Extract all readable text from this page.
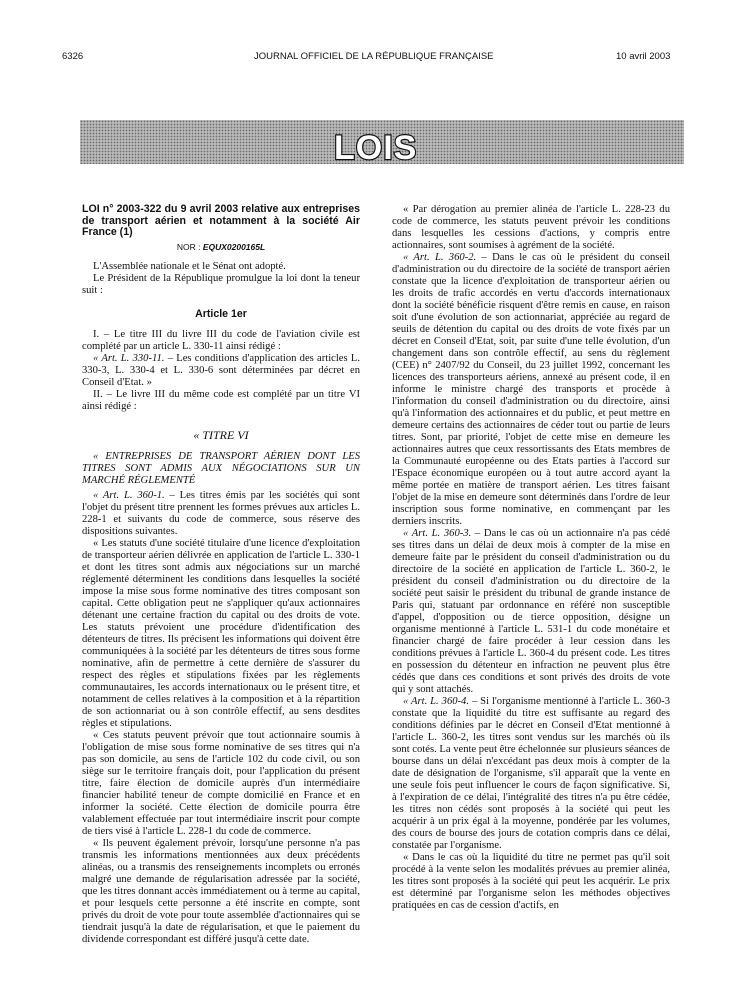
6326	JOURNAL OFFICIEL DE LA RÉPUBLIQUE FRANÇAISE	10 avril 2003
LOIS

LOI n° 2003-322 du 9 avril 2003 relative aux entreprises de transport aérien et notamment à la société Air France (1)

NOR : EQUX0200165L

L'Assemblée nationale et le Sénat ont adopté.

Le Président de la République promulgue la loi dont la teneur suit :

Article 1er

I. – Le titre III du livre III du code de l'aviation civile est complété par un article L. 330-11 ainsi rédigé :

« Art. L. 330-11. – Les conditions d'application des articles L. 330-3, L. 330-4 et L. 330-6 sont déterminées par décret en Conseil d'Etat. »

II. – Le livre III du même code est complété par un titre VI ainsi rédigé :

« TITRE VI

« ENTREPRISES DE TRANSPORT AÉRIEN DONT LES TITRES SONT ADMIS AUX NÉGOCIATIONS SUR UN MARCHÉ RÉGLEMENTÉ

« Art. L. 360-1. – Les titres émis par les sociétés qui sont l'objet du présent titre prennent les formes prévues aux articles L. 228-1 et suivants du code de commerce, sous réserve des dispositions suivantes.

« Les statuts d'une société titulaire d'une licence d'exploitation de transporteur aérien délivrée en application de l'article L. 330-1 et dont les titres sont admis aux négociations sur un marché réglementé déterminent les conditions dans lesquelles la société impose la mise sous forme nominative des titres composant son capital. Cette obligation peut ne s'appliquer qu'aux actionnaires détenant une certaine fraction du capital ou des droits de vote. Les statuts prévoient une procédure d'identification des détenteurs de titres. Ils précisent les informations qui doivent être communiquées à la société par les détenteurs de titres sous forme nominative, afin de permettre à cette dernière de s'assurer du respect des règles et stipulations fixées par les règlements communautaires, les accords internationaux ou le présent titre, et notamment de celles relatives à la composition et à la répartition de son actionnariat ou à son contrôle effectif, au sens desdites règles et stipulations.

« Ces statuts peuvent prévoir que tout actionnaire soumis à l'obligation de mise sous forme nominative de ses titres qui n'a pas son domicile, au sens de l'article 102 du code civil, ou son siège sur le territoire français doit, pour l'application du présent titre, faire élection de domicile auprès d'un intermédiaire financier habilité teneur de compte domicilié en France et en informer la société. Cette élection de domicile pourra être valablement effectuée par tout intermédiaire inscrit pour compte de tiers visé à l'article L. 228-1 du code de commerce.

« Ils peuvent également prévoir, lorsqu'une personne n'a pas transmis les informations mentionnées aux deux précédents alinéas, ou a transmis des renseignements incomplets ou erronés malgré une demande de régularisation adressée par la société, que les titres donnant accès immédiatement ou à terme au capital, et pour lesquels cette personne a été inscrite en compte, sont privés du droit de vote pour toute assemblée d'actionnaires qui se tiendrait jusqu'à la date de régularisation, et que le paiement du dividende correspondant est différé jusqu'à cette date.

« Par dérogation au premier alinéa de l'article L. 228-23 du code de commerce, les statuts peuvent prévoir les conditions dans lesquelles les cessions d'actions, y compris entre actionnaires, sont soumises à agrément de la société.

« Art. L. 360-2. – Dans le cas où le président du conseil d'administration ou du directoire de la société de transport aérien constate que la licence d'exploitation de transporteur aérien ou les droits de trafic accordés en vertu d'accords internationaux dont la société bénéficie risquent d'être remis en cause, en raison soit d'une évolution de son actionnariat, appréciée au regard de seuils de détention du capital ou des droits de vote fixés par un décret en Conseil d'Etat, soit, par suite d'une telle évolution, d'un changement dans son contrôle effectif, au sens du règlement (CEE) n° 2407/92 du Conseil, du 23 juillet 1992, concernant les licences des transporteurs aériens, annexé au présent code, il en informe le ministre chargé des transports et procède à l'information du conseil d'administration ou du directoire, ainsi qu'à l'information des actionnaires et du public, et peut mettre en demeure certains des actionnaires de céder tout ou partie de leurs titres. Sont, par priorité, l'objet de cette mise en demeure les actionnaires autres que ceux ressortissants des Etats membres de la Communauté européenne ou des Etats parties à l'accord sur l'Espace économique européen ou à tout autre accord ayant la même portée en matière de transport aérien. Les titres faisant l'objet de la mise en demeure sont déterminés dans l'ordre de leur inscription sous forme nominative, en commençant par les derniers inscrits.

« Art. L. 360-3. – Dans le cas où un actionnaire n'a pas cédé ses titres dans un délai de deux mois à compter de la mise en demeure faite par le président du conseil d'administration ou du directoire de la société en application de l'article L. 360-2, le président du conseil d'administration ou du directoire de la société peut saisir le président du tribunal de grande instance de Paris qui, statuant par ordonnance en référé non susceptible d'appel, d'opposition ou de tierce opposition, désigne un organisme mentionné à l'article L. 531-1 du code monétaire et financier chargé de faire procéder à leur cession dans les conditions prévues à l'article L. 360-4 du présent code. Les titres en possession du détenteur en infraction ne peuvent plus être cédés que dans ces conditions et sont privés des droits de vote qui y sont attachés.

« Art. L. 360-4. – Si l'organisme mentionné à l'article L. 360-3 constate que la liquidité du titre est suffisante au regard des conditions définies par le décret en Conseil d'Etat mentionné à l'article L. 360-2, les titres sont vendus sur les marchés où ils sont cotés. La vente peut être échelonnée sur plusieurs séances de bourse dans un délai n'excédant pas deux mois à compter de la date de désignation de l'organisme, s'il apparaît que la vente en une seule fois peut influencer le cours de façon significative. Si, à l'expiration de ce délai, l'intégralité des titres n'a pu être cédée, les titres non cédés sont proposés à la société qui peut les acquérir à un prix égal à la moyenne, pondérée par les volumes, des cours de bourse des jours de cotation compris dans ce délai, constatée par l'organisme.

« Dans le cas où la liquidité du titre ne permet pas qu'il soit procédé à la vente selon les modalités prévues au premier alinéa, les titres sont proposés à la société qui peut les acquérir. Le prix est déterminé par l'organisme selon les méthodes objectives pratiquées en cas de cession d'actifs, en
